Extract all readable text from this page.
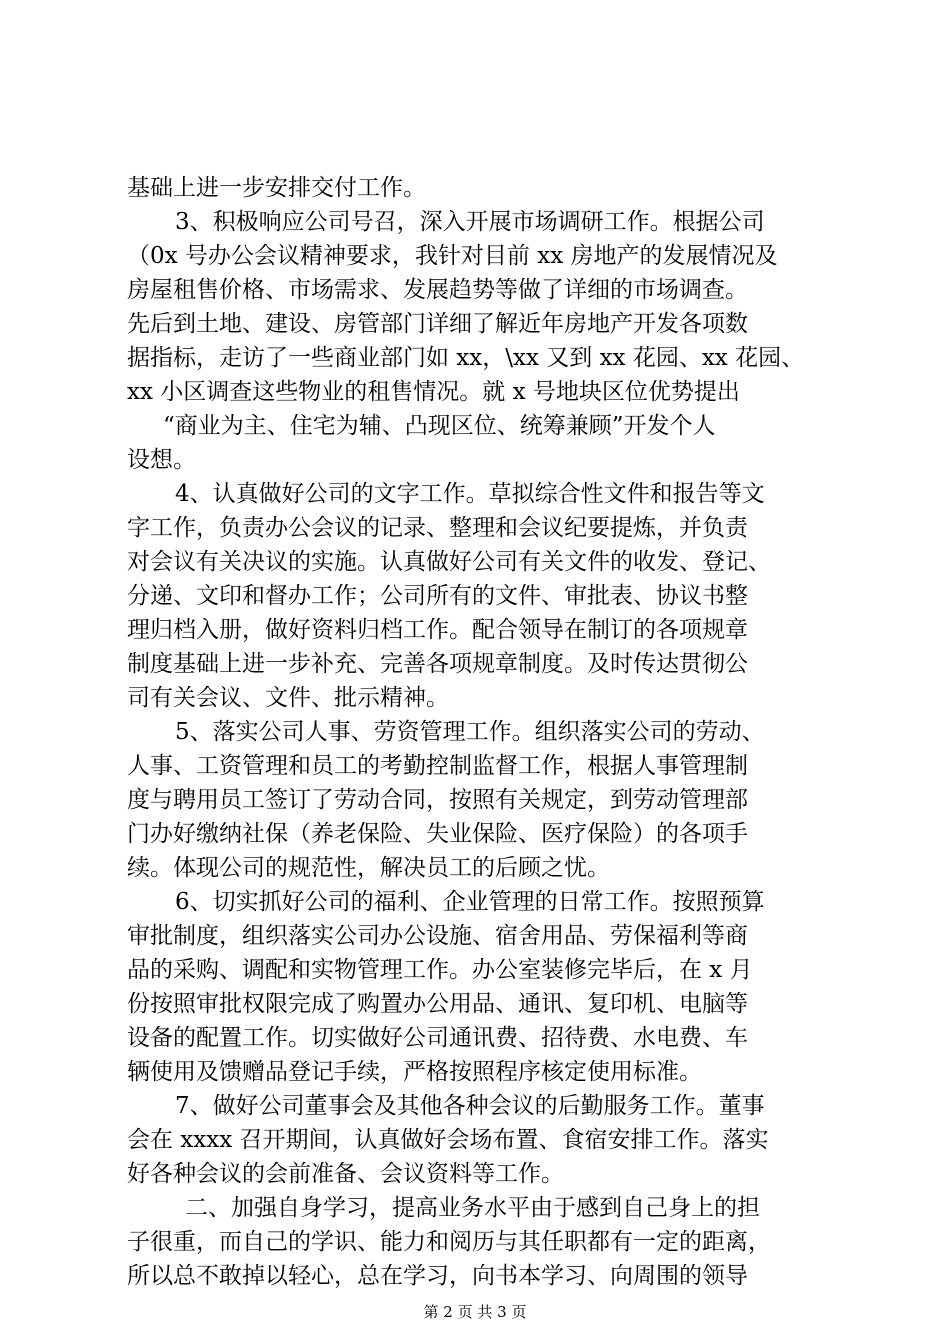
基础上进一步安排交付工作。
3、积极响应公司号召，深入开展市场调研工作。根据公司
（0x 号办公会议精神要求，我针对目前 xx 房地产的发展情况及
房屋租售价格、市场需求、发展趋势等做了详细的市场调查。
先后到土地、建设、房管部门详细了解近年房地产开发各项数
据指标，走访了一些商业部门如 xx，\xx 又到 xx 花园、xx 花园、
xx 小区调查这些物业的租售情况。就 x 号地块区位优势提出
“商业为主、住宅为辅、凸现区位、统筹兼顾”开发个人
设想。
4、认真做好公司的文字工作。草拟综合性文件和报告等文
字工作，负责办公会议的记录、整理和会议纪要提炼，并负责
对会议有关决议的实施。认真做好公司有关文件的收发、登记、
分递、文印和督办工作；公司所有的文件、审批表、协议书整
理归档入册，做好资料归档工作。配合领导在制订的各项规章
制度基础上进一步补充、完善各项规章制度。及时传达贯彻公
司有关会议、文件、批示精神。
5、落实公司人事、劳资管理工作。组织落实公司的劳动、
人事、工资管理和员工的考勤控制监督工作，根据人事管理制
度与聘用员工签订了劳动合同，按照有关规定，到劳动管理部
门办好缴纳社保（养老保险、失业保险、医疗保险）的各项手
续。体现公司的规范性，解决员工的后顾之忧。
6、切实抓好公司的福利、企业管理的日常工作。按照预算
审批制度，组织落实公司办公设施、宿舍用品、劳保福利等商
品的采购、调配和实物管理工作。办公室装修完毕后，在 x 月
份按照审批权限完成了购置办公用品、通讯、复印机、电脑等
设备的配置工作。切实做好公司通讯费、招待费、水电费、车
辆使用及馈赠品登记手续，严格按照程序核定使用标准。
7、做好公司董事会及其他各种会议的后勤服务工作。董事
会在 xxxx 召开期间，认真做好会场布置、食宿安排工作。落实
好各种会议的会前准备、会议资料等工作。
二、加强自身学习，提高业务水平由于感到自己身上的担
子很重，而自己的学识、能力和阅历与其任职都有一定的距离，
所以总不敢掉以轻心，总在学习，向书本学习、向周围的领导
第 2 页 共 3 页
